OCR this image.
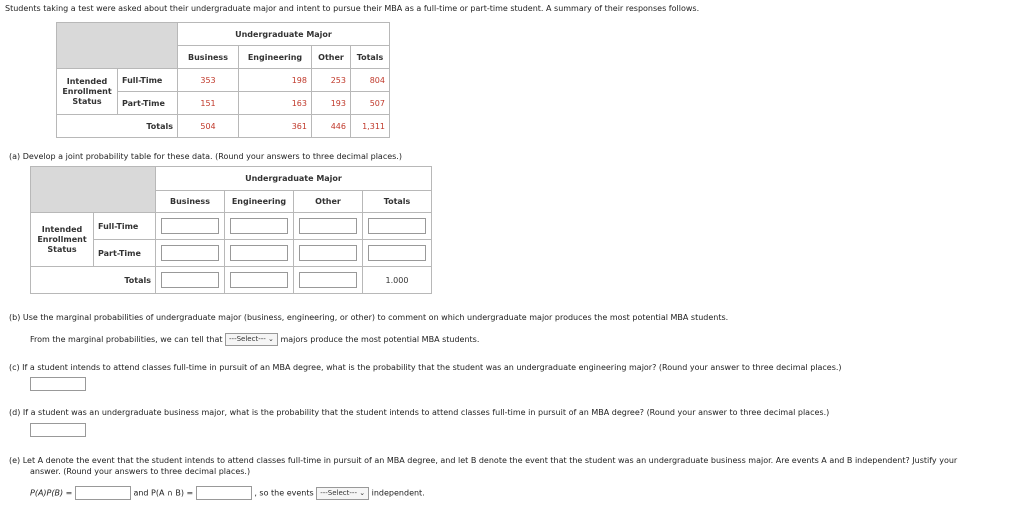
Students taking a test were asked about their undergraduate major and intent to pursue their MBA as a full-time or part-time student. A summary of their responses follows.
		Undergraduate Major			
		Business	Engineering	Other	Totals
Intended Enrollment Status	Full-Time	353	198	253	804
	Part-Time	151	163	193	507
Totals		504	361	446	1,311
(a) Develop a joint probability table for these data. (Round your answers to three decimal places.)
		Undergraduate Major			
		Business	Engineering	Other	Totals
Intended Enrollment Status	Full-Time				
	Part-Time				
Totals					1.000
(b) Use the marginal probabilities of undergraduate major (business, engineering, or other) to comment on which undergraduate major produces the most potential MBA students.
From the marginal probabilities, we can tell that ---Select--- ⌄ majors produce the most potential MBA students.
(c) If a student intends to attend classes full-time in pursuit of an MBA degree, what is the probability that the student was an undergraduate engineering major? (Round your answer to three decimal places.)
(d) If a student was an undergraduate business major, what is the probability that the student intends to attend classes full-time in pursuit of an MBA degree? (Round your answer to three decimal places.)
(e) Let A denote the event that the student intends to attend classes full-time in pursuit of an MBA degree, and let B denote the event that the student was an undergraduate business major. Are events A and B independent? Justify your
answer. (Round your answers to three decimal places.)
P(A)P(B) =	and P(A ∩ B) =	, so the events ---Select--- ⌄ independent.
